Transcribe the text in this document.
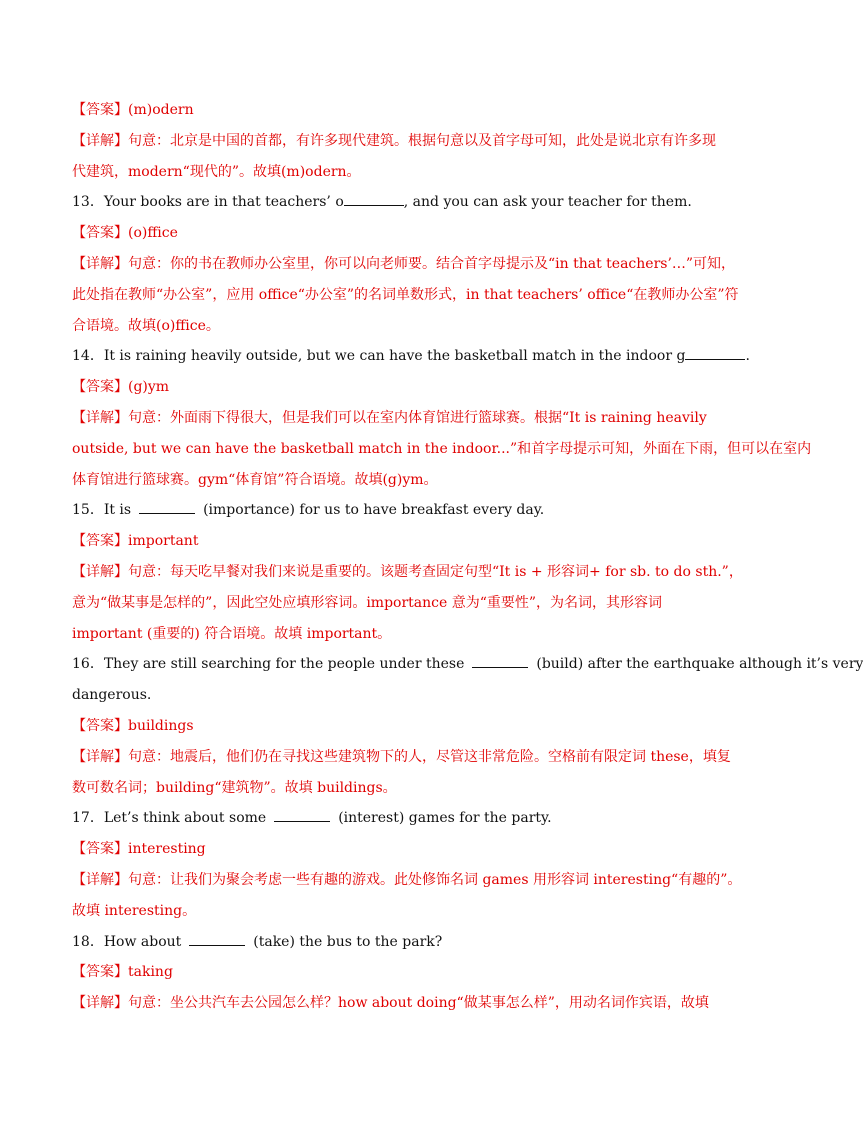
【答案】(m)odern
【详解】句意：北京是中国的首都，有许多现代建筑。根据句意以及首字母可知，此处是说北京有许多现
代建筑，modern“现代的”。故填(m)odern。
13．Your books are in that teachers’ o	, and you can ask your teacher for them.
【答案】(o)ffice
【详解】句意：你的书在教师办公室里，你可以向老师要。结合首字母提示及“in that teachers’…”可知，
此处指在教师“办公室”，应用 office“办公室”的名词单数形式，in that teachers’ office“在教师办公室”符
合语境。故填(o)ffice。
14．It is raining heavily outside, but we can have the basketball match in the indoor g	.
【答案】(g)ym
【详解】句意：外面雨下得很大，但是我们可以在室内体育馆进行篮球赛。根据“It is raining heavily
outside, but we can have the basketball match in the indoor...”和首字母提示可知，外面在下雨，但可以在室内
体育馆进行篮球赛。gym“体育馆”符合语境。故填(g)ym。
15．It is	(importance) for us to have breakfast every day.
【答案】important
【详解】句意：每天吃早餐对我们来说是重要的。该题考查固定句型“It is + 形容词+ for sb. to do sth.”，
意为“做某事是怎样的”，因此空处应填形容词。importance 意为“重要性”，为名词，其形容词
important (重要的) 符合语境。故填 important。
16．They are still searching for the people under these	(build) after the earthquake although it’s very
dangerous.
【答案】buildings
【详解】句意：地震后，他们仍在寻找这些建筑物下的人，尽管这非常危险。空格前有限定词 these，填复
数可数名词；building“建筑物”。故填 buildings。
17．Let’s think about some	(interest) games for the party.
【答案】interesting
【详解】句意：让我们为聚会考虑一些有趣的游戏。此处修饰名词 games 用形容词 interesting“有趣的”。
故填 interesting。
18．How about	(take) the bus to the park?
【答案】taking
【详解】句意：坐公共汽车去公园怎么样？how about doing“做某事怎么样”，用动名词作宾语，故填
